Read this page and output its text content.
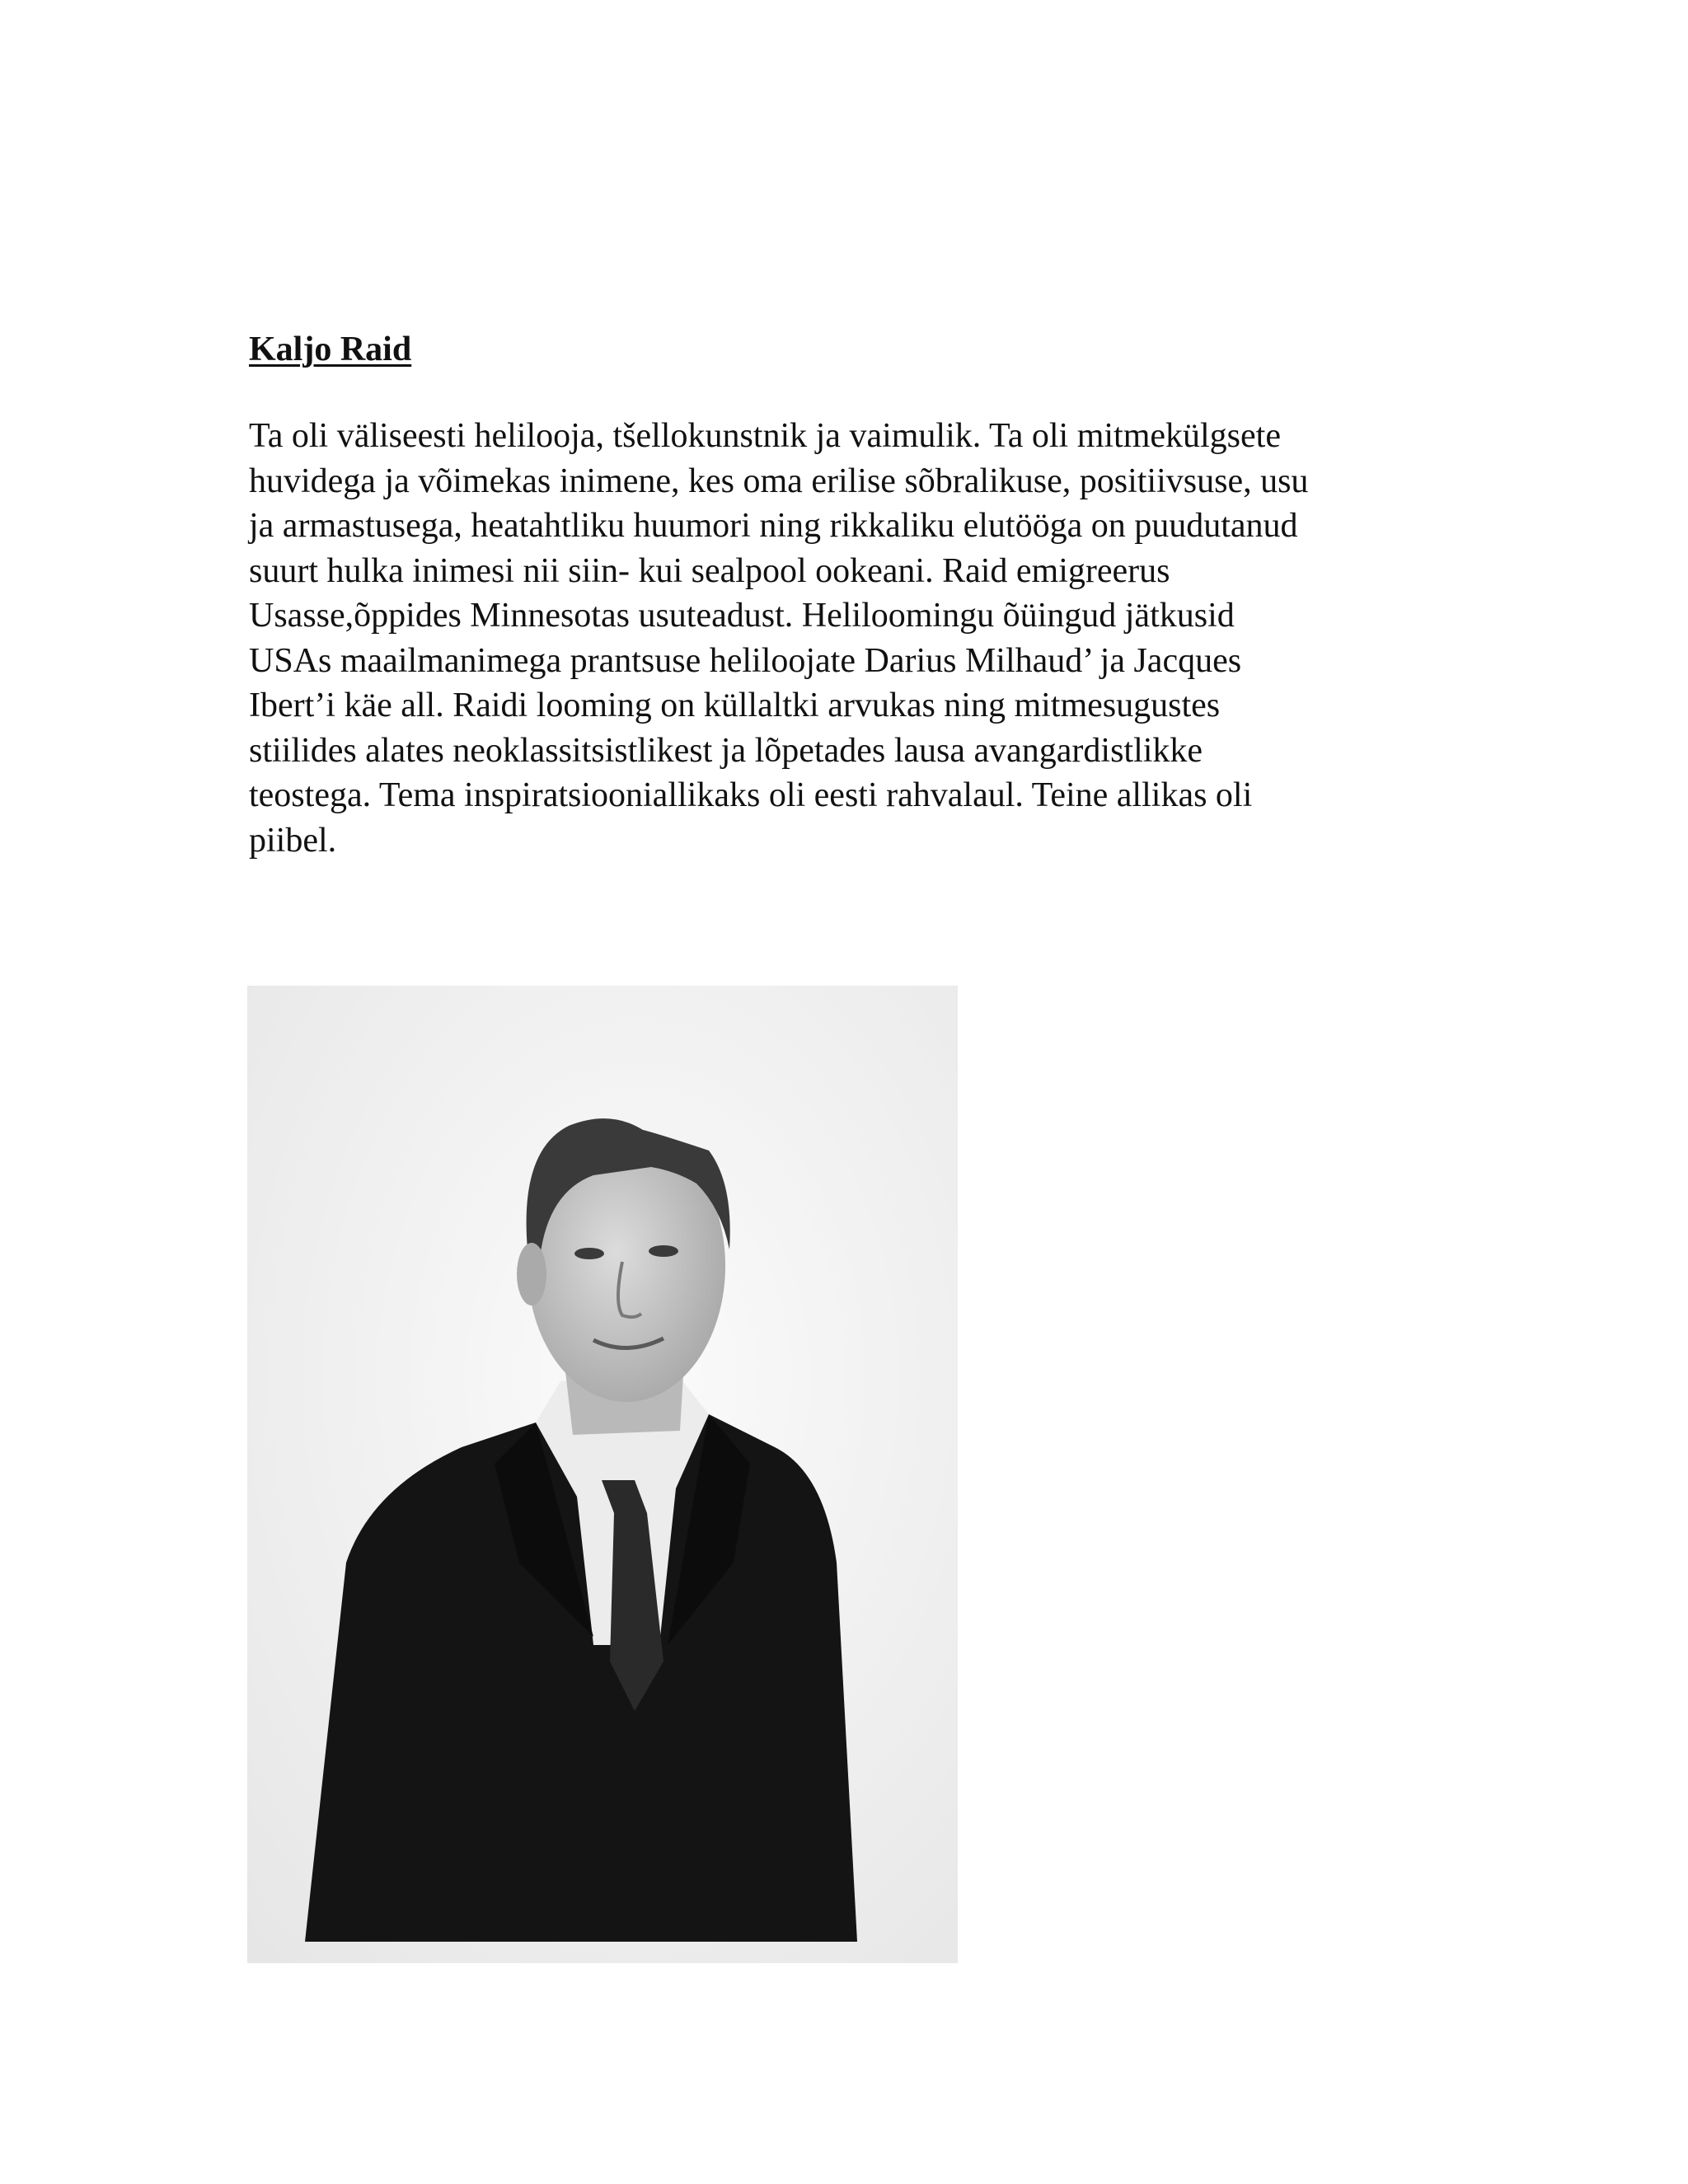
Kaljo Raid
Ta oli väliseesti helilooja, tšellokunstnik ja vaimulik. Ta oli mitmekülgsete
huvidega ja võimekas inimene, kes oma erilise sõbralikuse, positiivsuse, usu
ja armastusega, heatahtliku huumori ning rikkaliku elutööga on puudutanud
suurt hulka inimesi nii siin- kui sealpool ookeani. Raid emigreerus
Usasse,õppides Minnesotas usuteadust. Heliloomingu õüingud jätkusid
USAs maailmanimega prantsuse heliloojate Darius Milhaud’ ja Jacques
Ibert’i käe all. Raidi looming on küllaltki arvukas ning mitmesugustes
stiilides alates neoklassitsistlikest ja lõpetades lausa avangardistlikke
teostega. Tema inspiratsiooniallikaks oli eesti rahvalaul. Teine allikas oli
piibel.
